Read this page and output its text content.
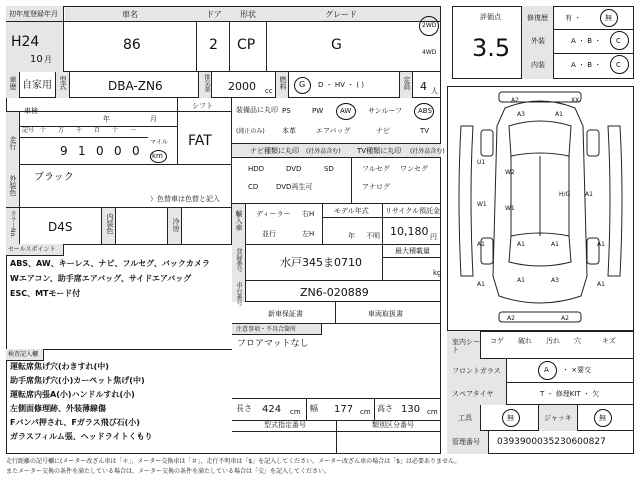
初年度登録年月
H24
10 月
車名
86
ドア
2
形状
CP
グレード
G
2WD
4WD
車歴 自家用 型式	DBA-ZN6	排気量 2000 cc
燃料 G D ・ HV ・ ( )	定員 4 人
車検
年	月
走行
記号 十 万 千 百 十 一
9 1 0 0 0
マイル
km
シフト
FAT
外装色 ブラック
）色替車は色替と記入
カラーNo.	D4S	内装色	冷房
セールスポイント
ABS、AW、キーレス、ナビ、フルセグ、バックカメラ
Wエアコン、助手席エアバッグ、サイドエアバッグ
ESC、MTモード付
検査記入欄
運転席焦げ穴(わきすれ(中)
助手席焦げ穴(小)カーペット焦げ(中)
運転席内張A(小)ハンドルすれ(小)
左側面修理跡、外装薄線傷
Fバンパ押され、Fガラス飛び石(小)
ガラスフィルム張、ヘッドライトくもり
装備品に丸印
(純正のみ)
PS	PW AW サンルーフ ABS
本革	エアバッグ	ナビ	TV
ナビ種類に丸印 (社外品含む) TV種類に丸印 (社外品含む)
HDD	DVD	SD
CD	DVD再生可
フルセグ ワンセグ
アナログ
輸入車 ディーラー
並行
右H
左H
モデル年式
年 不明
リサイクル預託金
10,180 円
登録番号	水戸345ま0710
最大積載量
kg
車台番号	ZN6-020889
新車保証書	車両取扱書
注意事項・不具合箇所
フロアマットなし
長さ 424 cm 幅 177 cm 高さ 130 cm
型式指定番号	類別区分番号
評価点
3.5
修復歴 有 ・	無
外装	A ・ B ・ C
内装	A ・ B ・ C
A2	XX
A3	A1
U1
W2
W1
H/G A1
W1
A1	A1
A1	A1
A1	A1
A1	A3
A2	A2
室内シート
コゲ 破れ 汚れ 穴	キズ
フロントガラス	A ・ ×要交
スペアタイヤ	T ・ 修理KIT ・ 欠
工具	無	ジャッキ	無
管理番号 0393900035230600827
走行距離の記号欄に(メーター改ざん車は「＊」、メーター交換車は「＃」、走行不明車は「$」を記入してください。メーター改ざん車の場合は「$」は必要ありません。
またメーター交換の条件を満たしている場合は、メーター交換の条件を満たしている場合は「交」を記入してください。
